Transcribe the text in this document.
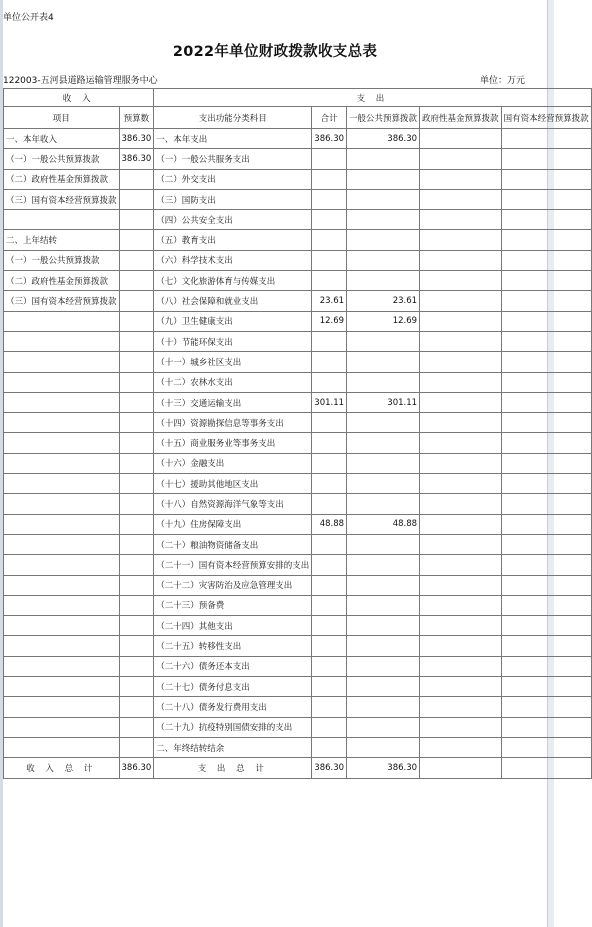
单位公开表4
2022年单位财政拨款收支总表
122003-五河县道路运输管理服务中心	单位：万元
收 入		支 出				
项目	预算数	支出功能分类科目	合计	一般公共预算拨款	政府性基金预算拨款	国有资本经营预算拨款
一、本年收入	386.30	一、本年支出	386.30	386.30		
（一）一般公共预算拨款	386.30	（一）一般公共服务支出				
（二）政府性基金预算拨款		（二）外交支出				
（三）国有资本经营预算拨款		（三）国防支出				
		（四）公共安全支出				
二、上年结转		（五）教育支出				
（一）一般公共预算拨款		（六）科学技术支出				
（二）政府性基金预算拨款		（七）文化旅游体育与传媒支出				
（三）国有资本经营预算拨款		（八）社会保障和就业支出	23.61	23.61		
		（九）卫生健康支出	12.69	12.69		
		（十）节能环保支出				
		（十一）城乡社区支出				
		（十二）农林水支出				
		（十三）交通运输支出	301.11	301.11		
		（十四）资源勘探信息等事务支出				
		（十五）商业服务业等事务支出				
		（十六）金融支出				
		（十七）援助其他地区支出				
		（十八）自然资源海洋气象等支出				
		（十九）住房保障支出	48.88	48.88		
		（二十）粮油物资储备支出				
		（二十一）国有资本经营预算安排的支出				
		（二十二）灾害防治及应急管理支出				
		（二十三）预备费				
		（二十四）其他支出				
		（二十五）转移性支出				
		（二十六）债务还本支出				
		（二十七）债务付息支出				
		（二十八）债务发行费用支出				
		（二十九）抗疫特别国债安排的支出				
		二、年终结转结余				
收 入 总 计	386.30	支 出 总 计	386.30	386.30		
